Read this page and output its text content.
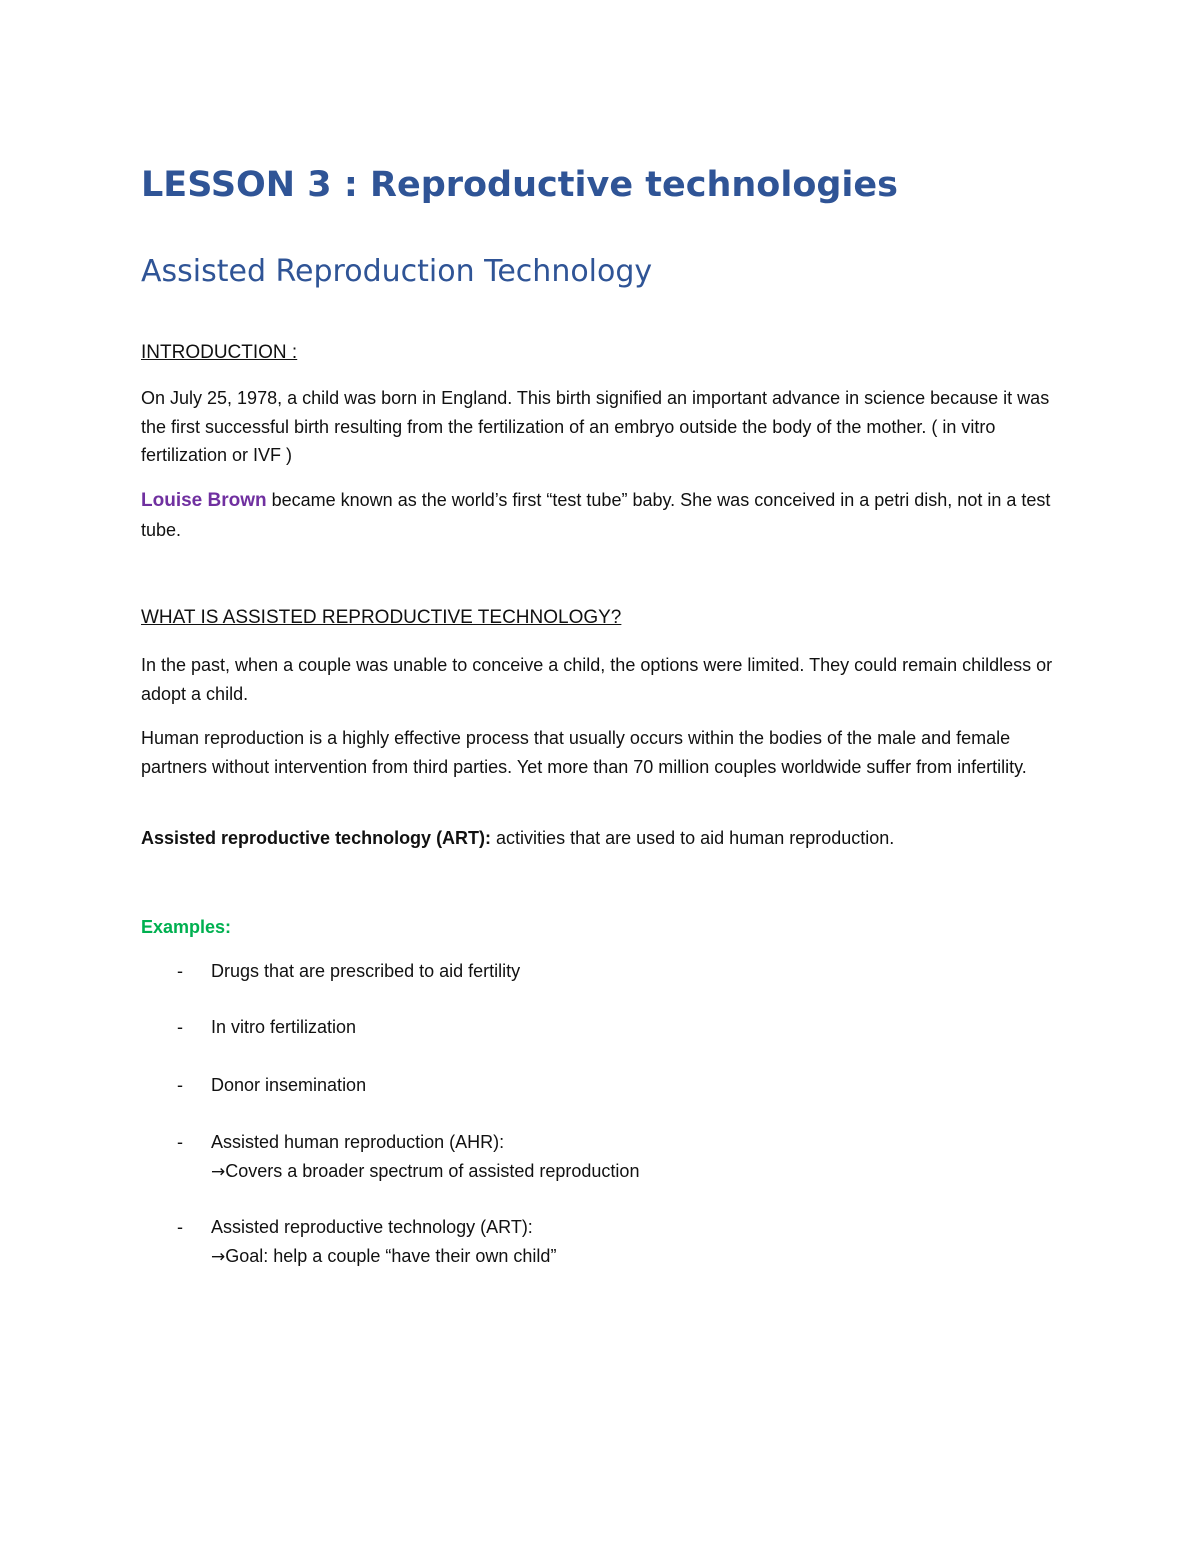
LESSON 3 : Reproductive technologies
Assisted Reproduction Technology
INTRODUCTION :

On July 25, 1978, a child was born in England. This birth signified an important advance in science because it was the first successful birth resulting from the fertilization of an embryo outside the body of the mother. ( in vitro fertilization or IVF )

Louise Brown became known as the world’s first “test tube” baby. She was conceived in a petri dish, not in a test tube.

WHAT IS ASSISTED REPRODUCTIVE TECHNOLOGY?

In the past, when a couple was unable to conceive a child, the options were limited. They could remain childless or adopt a child.

Human reproduction is a highly effective process that usually occurs within the bodies of the male and female partners without intervention from third parties. Yet more than 70 million couples worldwide suffer from infertility.

Assisted reproductive technology (ART): activities that are used to aid human reproduction.

Examples:

- Drugs that are prescribed to aid fertility
- In vitro fertilization
- Donor insemination
- Assisted human reproduction (AHR):
→Covers a broader spectrum of assisted reproduction
- Assisted reproductive technology (ART):
→Goal: help a couple “have their own child”
